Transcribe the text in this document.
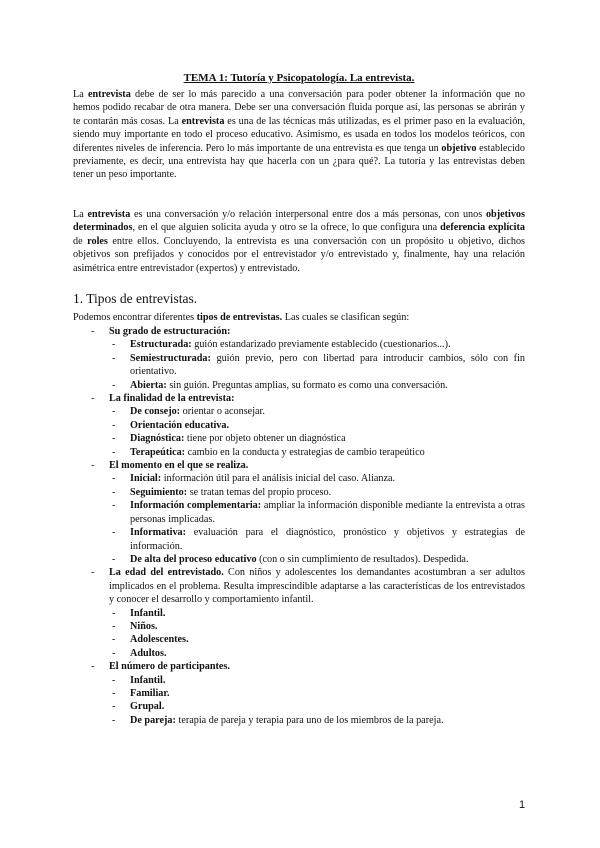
TEMA 1: Tutoría y Psicopatología. La entrevista.
La entrevista debe de ser lo más parecido a una conversación para poder obtener la información que no hemos podido recabar de otra manera. Debe ser una conversación fluida porque así, las personas se abrirán y te contarán más cosas. La entrevista es una de las técnicas más utilizadas, es el primer paso en la evaluación, siendo muy importante en todo el proceso educativo. Asimismo, es usada en todos los modelos teóricos, con diferentes niveles de inferencia. Pero lo más importante de una entrevista es que tenga un objetivo establecido previamente, es decir, una entrevista hay que hacerla con un ¿para qué?. La tutoría y las entrevistas deben tener un peso importante.
La entrevista es una conversación y/o relación interpersonal entre dos a más personas, con unos objetivos determinados, en el que alguien solicita ayuda y otro se la ofrece, lo que configura una deferencia explícita de roles entre ellos. Concluyendo, la entrevista es una conversación con un propósito u objetivo, dichos objetivos son prefijados y conocidos por el entrevistador y/o entrevistado y, finalmente, hay una relación asimétrica entre entrevistador (expertos) y entrevistado.
1. Tipos de entrevistas.
Podemos encontrar diferentes tipos de entrevistas. Las cuales se clasifican según:
- Su grado de estructuración:
- Estructurada: guión estandarizado previamente establecido (cuestionarios...).
- Semiestructurada: guión previo, pero con libertad para introducir cambios, sólo con fin orientativo.
- Abierta: sin guión. Preguntas amplias, su formato es como una conversación.
- La finalidad de la entrevista:
- De consejo: orientar o aconsejar.
- Orientación educativa.
- Diagnóstica: tiene por objeto obtener un diagnóstica
- Terapeútica: cambio en la conducta y estrategias de cambio terapeútico
- El momento en el que se realiza.
- Inicial: información útil para el análisis inicial del caso. Alianza.
- Seguimiento: se tratan temas del propio proceso.
- Información complementaria: ampliar la información disponible mediante la entrevista a otras personas implicadas.
- Informativa: evaluación para el diagnóstico, pronóstico y objetivos y estrategias de información.
- De alta del proceso educativo (con o sin cumplimiento de resultados). Despedida.
- La edad del entrevistado. Con niños y adolescentes los demandantes acostumbran a ser adultos implicados en el problema. Resulta imprescindible adaptarse a las características de los entrevistados y conocer el desarrollo y comportamiento infantil.
- Infantil.
- Niños.
- Adolescentes.
- Adultos.
- El número de participantes.
- Infantil.
- Familiar.
- Grupal.
- De pareja: terapia de pareja y terapia para uno de los miembros de la pareja.
1
